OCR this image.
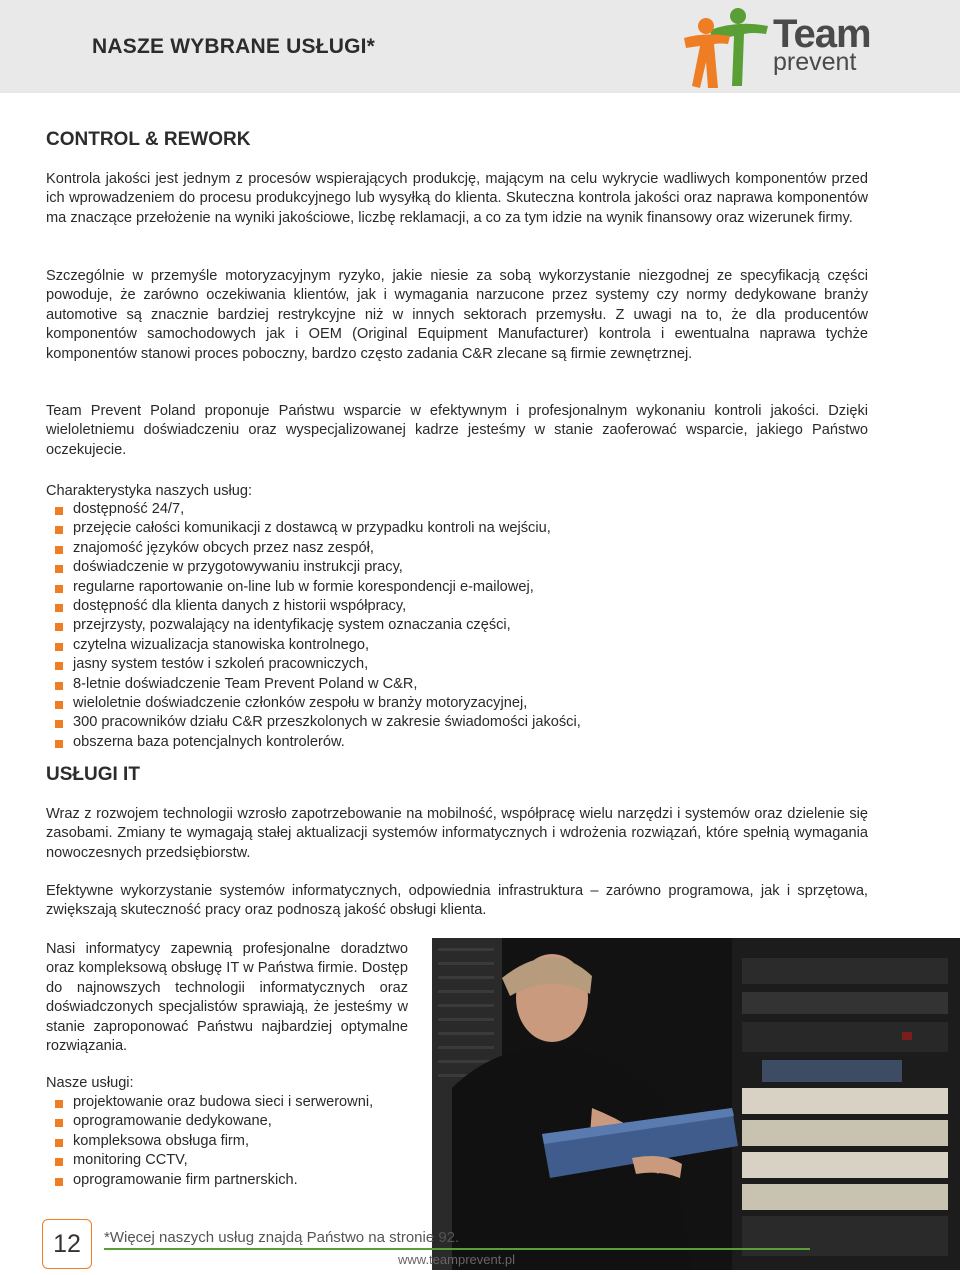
NASZE WYBRANE USŁUGI*	Team
prevent
CONTROL & REWORK

Kontrola jakości jest jednym z procesów wspierających produkcję, mającym na celu wykrycie wadliwych komponentów przed ich wprowadzeniem do procesu produkcyjnego lub wysyłką do klienta. Skuteczna kontrola jakości oraz naprawa komponentów ma znaczące przełożenie na wyniki jakościowe, liczbę reklamacji, a co za tym idzie na wynik finansowy oraz wizerunek firmy.

Szczególnie w przemyśle motoryzacyjnym ryzyko, jakie niesie za sobą wykorzystanie niezgodnej ze specyfikacją części powoduje, że zarówno oczekiwania klientów, jak i wymagania narzucone przez systemy czy normy dedykowane branży automotive są znacznie bardziej restrykcyjne niż w innych sektorach przemysłu. Z uwagi na to, że dla producentów komponentów samochodowych jak i OEM (Original Equipment Manufacturer) kontrola i ewentualna naprawa tychże komponentów stanowi proces poboczny, bardzo często zadania C&R zlecane są firmie zewnętrznej.

Team Prevent Poland proponuje Państwu wsparcie w efektywnym i profesjonalnym wykonaniu kontroli jakości. Dzięki wieloletniemu doświadczeniu oraz wyspecjalizowanej kadrze jesteśmy w stanie zaoferować wsparcie, jakiego Państwo oczekujecie.

Charakterystyka naszych usług:

dostępność 24/7,
przejęcie całości komunikacji z dostawcą w przypadku kontroli na wejściu,
znajomość języków obcych przez nasz zespół,
doświadczenie w przygotowywaniu instrukcji pracy,
regularne raportowanie on-line lub w formie korespondencji e-mailowej,
dostępność dla klienta danych z historii współpracy,
przejrzysty, pozwalający na identyfikację system oznaczania części,
czytelna wizualizacja stanowiska kontrolnego,
jasny system testów i szkoleń pracowniczych,
8-letnie doświadczenie Team Prevent Poland w C&R,
wieloletnie doświadczenie członków zespołu w branży motoryzacyjnej,
300 pracowników działu C&R przeszkolonych w zakresie świadomości jakości,
obszerna baza potencjalnych kontrolerów.
USŁUGI IT

Wraz z rozwojem technologii wzrosło zapotrzebowanie na mobilność, współpracę wielu narzędzi i systemów oraz dzielenie się zasobami. Zmiany te wymagają stałej aktualizacji systemów informatycznych i wdrożenia rozwiązań, które spełnią wymagania nowoczesnych przedsiębiorstw.

Efektywne wykorzystanie systemów informatycznych, odpowiednia infrastruktura – zarówno programowa, jak i sprzętowa, zwiększają skuteczność pracy oraz podnoszą jakość obsługi klienta.

Nasi informatycy zapewnią profesjonalne doradztwo oraz kompleksową obsługę IT w Państwa firmie. Dostęp do najnowszych technologii informatycznych oraz doświadczonych specjalistów sprawiają, że jesteśmy w stanie zaproponować Państwu najbardziej optymalne rozwiązania.

Nasze usługi:

projektowanie oraz budowa sieci i serwerowni,
oprogramowanie dedykowane,
kompleksowa obsługa firm,
monitoring CCTV,
oprogramowanie firm partnerskich.
12	*Więcej naszych usług znajdą Państwo na stronie 92.
www.teamprevent.pl
